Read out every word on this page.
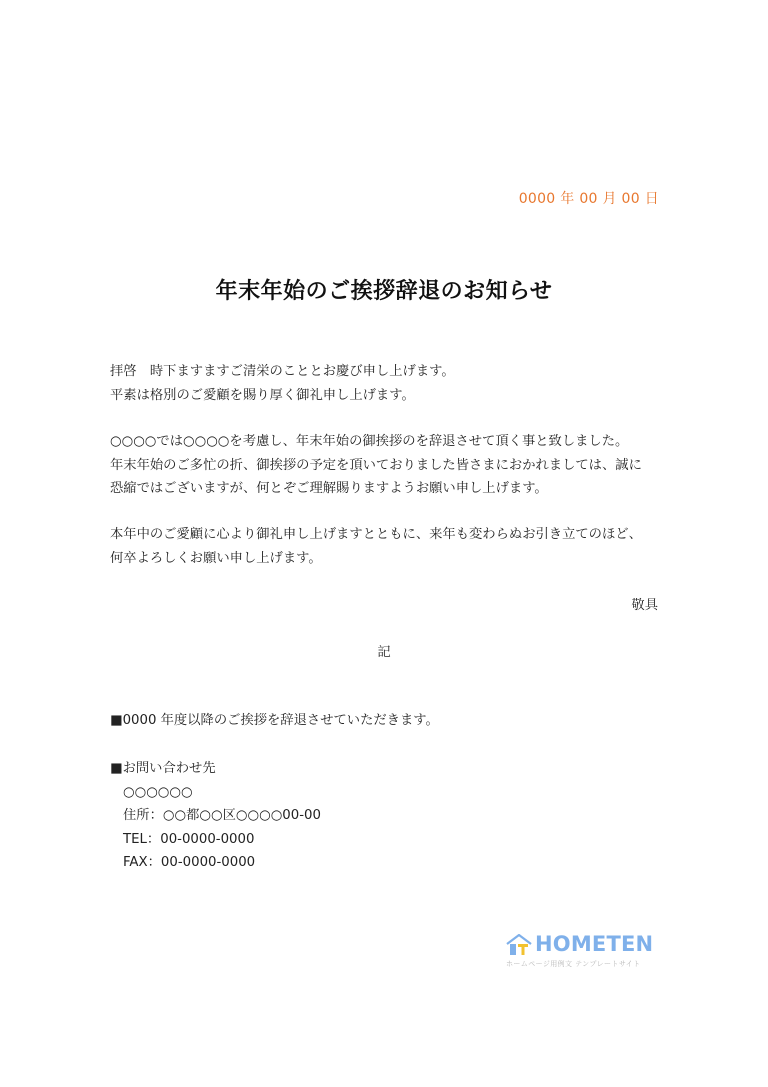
0000 年 00 月 00 日
年末年始のご挨拶辞退のお知らせ
拝啓　時下ますますご清栄のこととお慶び申し上げます。
平素は格別のご愛顧を賜り厚く御礼申し上げます。
○○○○では○○○○を考慮し、年末年始の御挨拶のを辞退させて頂く事と致しました。
年末年始のご多忙の折、御挨拶の予定を頂いておりました皆さまにおかれましては、誠に
恐縮ではございますが、何とぞご理解賜りますようお願い申し上げます。
本年中のご愛顧に心より御礼申し上げますとともに、来年も変わらぬお引き立てのほど、
何卒よろしくお願い申し上げます。
敬具
記
■0000 年度以降のご挨拶を辞退させていただきます。
■お問い合わせ先
○○○○○○
住所：○○都○○区○○○○00-00
TEL：00-0000-0000
FAX：00-0000-0000
HOMETEN
ホームページ用例文 テンプレートサイト
